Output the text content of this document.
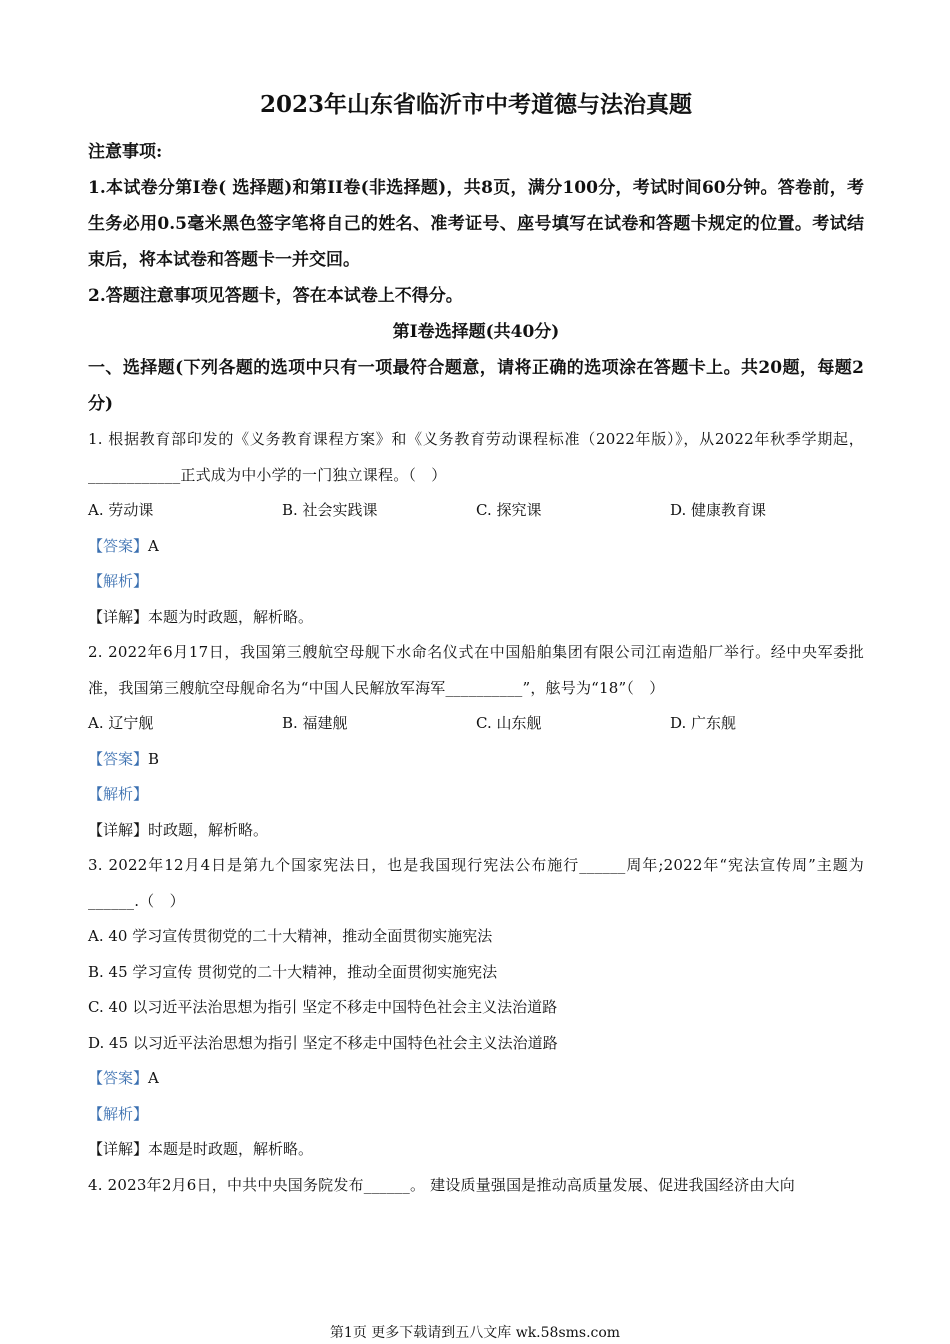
2023年山东省临沂市中考道德与法治真题

注意事项:

1.本试卷分第I卷( 选择题)和第II卷(非选择题)，共8页，满分100分，考试时间60分钟。答卷前，考生务必用0.5毫米黑色签字笔将自己的姓名、准考证号、座号填写在试卷和答题卡规定的位置。考试结束后，将本试卷和答题卡一并交回。

2.答题注意事项见答题卡，答在本试卷上不得分。

第I卷选择题(共40分)

一、选择题(下列各题的选项中只有一项最符合题意，请将正确的选项涂在答题卡上。共20题，每题2分)

1. 根据教育部印发的《义务教育课程方案》和《义务教育劳动课程标准（2022年版）》，从2022年秋季学期起，____________正式成为中小学的一门独立课程。（　）

A. 劳动课	B. 社会实践课	C. 探究课	D. 健康教育课

【答案】A

【解析】

【详解】本题为时政题，解析略。

2. 2022年6月17日，我国第三艘航空母舰下水命名仪式在中国船舶集团有限公司江南造船厂举行。经中央军委批准，我国第三艘航空母舰命名为“中国人民解放军海军__________”，舷号为“18”（　）

A. 辽宁舰	B. 福建舰	C. 山东舰	D. 广东舰

【答案】B

【解析】

【详解】时政题，解析略。

3. 2022年12月4日是第九个国家宪法日，也是我国现行宪法公布施行______周年;2022年“宪法宣传周”主题为______.（　）

A. 40 学习宣传贯彻党的二十大精神，推动全面贯彻实施宪法

B. 45 学习宣传 贯彻党的二十大精神，推动全面贯彻实施宪法

C. 40 以习近平法治思想为指引 坚定不移走中国特色社会主义法治道路

D. 45 以习近平法治思想为指引 坚定不移走中国特色社会主义法治道路

【答案】A

【解析】

【详解】本题是时政题，解析略。

4. 2023年2月6日，中共中央国务院发布______。 建设质量强国是推动高质量发展、促进我国经济由大向

第1页 更多下载请到五八文库 wk.58sms.com
